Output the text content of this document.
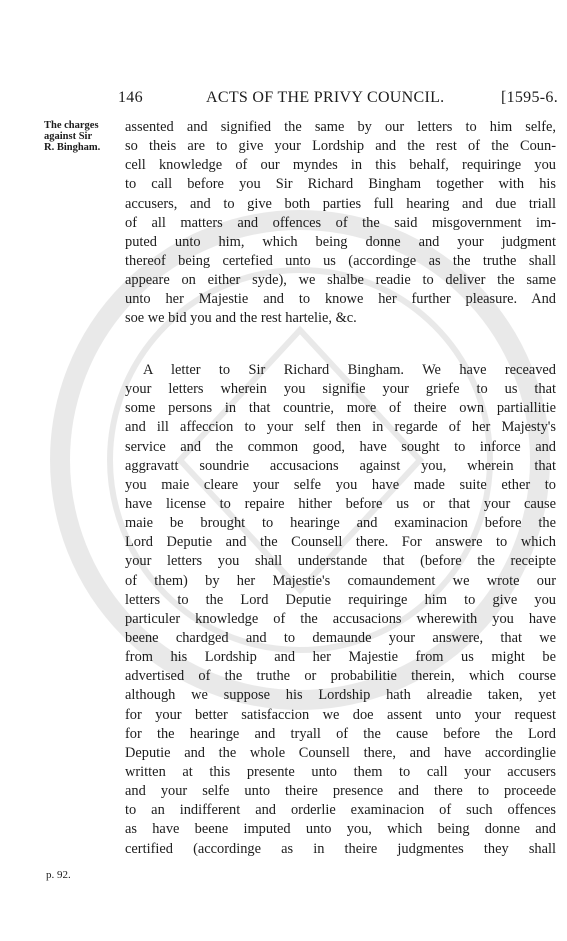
146	ACTS OF THE PRIVY COUNCIL.	[1595-6.
The charges
against Sir
R. Bingham.
p. 92.
assented and signified the same by our letters to him selfe,
so theis are to give your Lordship and the rest of the Coun-
cell knowledge of our myndes in this behalf, requiringe you
to call before you Sir Richard Bingham together with his
accusers, and to give both parties full hearing and due triall
of all matters and offences of the said misgovernment im-
puted unto him, which being donne and your judgment
thereof being certefied unto us (accordinge as the truthe shall
appeare on either syde), we shalbe readie to deliver the same
unto her Majestie and to knowe her further pleasure. And
soe we bid you and the rest hartelie, &c.
A letter to Sir Richard Bingham. We have receaved
your letters wherein you signifie your griefe to us that
some persons in that countrie, more of theire own partiallitie
and ill affeccion to your self then in regarde of her Majesty's
service and the common good, have sought to inforce and
aggravatt soundrie accusacions against you, wherein that
you maie cleare your selfe you have made suite ether to
have license to repaire hither before us or that your cause
maie be brought to hearinge and examinacion before the
Lord Deputie and the Counsell there. For answere to which
your letters you shall understande that (before the receipte
of them) by her Majestie's comaundement we wrote our
letters to the Lord Deputie requiringe him to give you
particuler knowledge of the accusacions wherewith you have
beene chardged and to demaunde your answere, that we
from his Lordship and her Majestie from us might be
advertised of the truthe or probabilitie therein, which course
although we suppose his Lordship hath alreadie taken, yet
for your better satisfaccion we doe assent unto your request
for the hearinge and tryall of the cause before the Lord
Deputie and the whole Counsell there, and have accordinglie
written at this presente unto them to call your accusers
and your selfe unto theire presence and there to proceede
to an indifferent and orderlie examinacion of such offences
as have beene imputed unto you, which being donne and
certified (accordinge as in theire judgmentes they shall
